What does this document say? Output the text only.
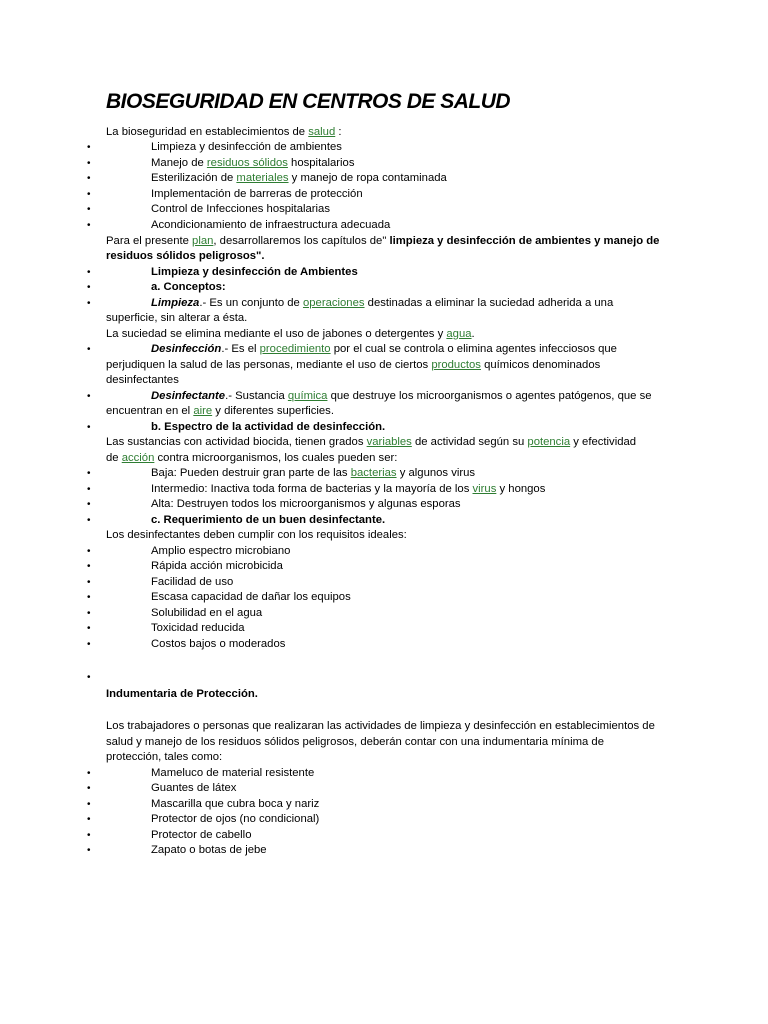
BIOSEGURIDAD EN CENTROS DE SALUD
La bioseguridad en establecimientos de salud :
•	Limpieza y desinfección de ambientes
•	Manejo de residuos sólidos hospitalarios
•	Esterilización de materiales y manejo de ropa contaminada
•	Implementación de barreras de protección
•	Control de Infecciones hospitalarias
•	Acondicionamiento de infraestructura adecuada
Para el presente plan, desarrollaremos los capítulos de" limpieza y desinfección de ambientes y manejo de
residuos sólidos peligrosos".
•	Limpieza y desinfección de Ambientes
•	a. Conceptos:
•	Limpieza.- Es un conjunto de operaciones destinadas a eliminar la suciedad adherida a una
superficie, sin alterar a ésta.
La suciedad se elimina mediante el uso de jabones o detergentes y agua.
•	Desinfección.- Es el procedimiento por el cual se controla o elimina agentes infecciosos que
perjudiquen la salud de las personas, mediante el uso de ciertos productos químicos denominados
desinfectantes
•	Desinfectante.- Sustancia química que destruye los microorganismos o agentes patógenos, que se
encuentran en el aire y diferentes superficies.
•	b. Espectro de la actividad de desinfección.
Las sustancias con actividad biocida, tienen grados variables de actividad según su potencia y efectividad
de acción contra microorganismos, los cuales pueden ser:
•	Baja: Pueden destruir gran parte de las bacterias y algunos virus
•	Intermedio: Inactiva toda forma de bacterias y la mayoría de los virus y hongos
•	Alta: Destruyen todos los microorganismos y algunas esporas
•	c. Requerimiento de un buen desinfectante.
Los desinfectantes deben cumplir con los requisitos ideales:
•	Amplio espectro microbiano
•	Rápida acción microbicida
•	Facilidad de uso
•	Escasa capacidad de dañar los equipos
•	Solubilidad en el agua
•	Toxicidad reducida
•	Costos bajos o moderados
•
Indumentaria de Protección.
Los trabajadores o personas que realizaran las actividades de limpieza y desinfección en establecimientos de
salud y manejo de los residuos sólidos peligrosos, deberán contar con una indumentaria mínima de
protección, tales como:
•	Mameluco de material resistente
•	Guantes de látex
•	Mascarilla que cubra boca y nariz
•	Protector de ojos (no condicional)
•	Protector de cabello
•	Zapato o botas de jebe
